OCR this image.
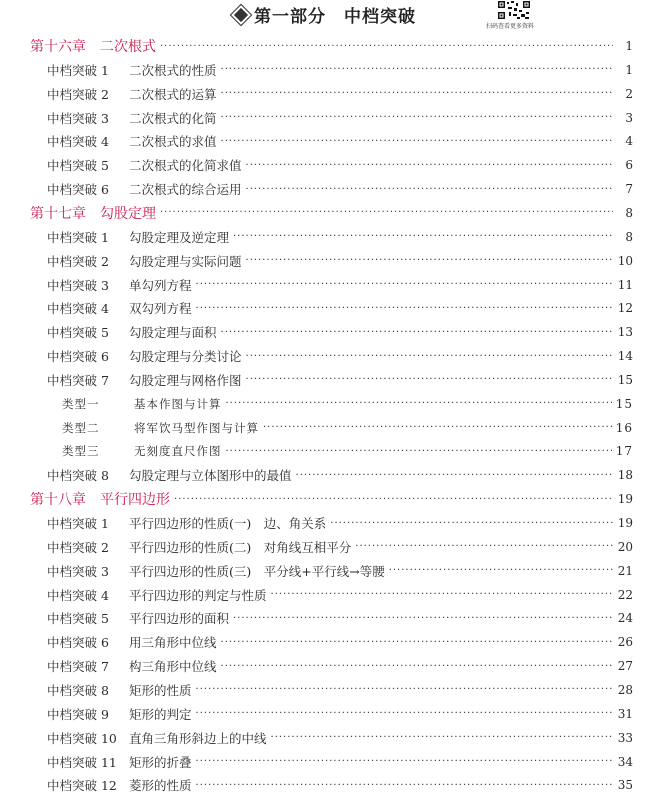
第一部分　中档突破	扫码查看更多资料
第十六章 二次根式 ·····	1
中档突破 1	二次根式的性质 ·····	1
中档突破 2	二次根式的运算 ·····	2
中档突破 3	二次根式的化简 ·····	3
中档突破 4	二次根式的求值 ·····	4
中档突破 5	二次根式的化简求值 ·····	6
中档突破 6	二次根式的综合运用 ·····	7
第十七章 勾股定理 ·····	8
中档突破 1	勾股定理及逆定理 ·····	8
中档突破 2	勾股定理与实际问题 ·····	10
中档突破 3	单勾列方程 ·····	11
中档突破 4	双勾列方程 ·····	12
中档突破 5	勾股定理与面积 ·····	13
中档突破 6	勾股定理与分类讨论 ·····	14
中档突破 7	勾股定理与网格作图 ·····	15
类型一	基本作图与计算 ·····	15
类型二	将军饮马型作图与计算 ·····	16
类型三	无刻度直尺作图 ·····	17
中档突破 8	勾股定理与立体图形中的最值 ·····	18
第十八章 平行四边形 ·····	19
中档突破 1	平行四边形的性质(一)　边、角关系 ·····	19
中档突破 2	平行四边形的性质(二)　对角线互相平分 ·····	20
中档突破 3	平行四边形的性质(三)　平分线+平行线→等腰 ·····	21
中档突破 4	平行四边形的判定与性质 ·····	22
中档突破 5	平行四边形的面积 ·····	24
中档突破 6	用三角形中位线 ·····	26
中档突破 7	构三角形中位线 ·····	27
中档突破 8	矩形的性质 ·····	28
中档突破 9	矩形的判定 ·····	31
中档突破 10 直角三角形斜边上的中线 ·····	33
中档突破 11 矩形的折叠 ·····	34
中档突破 12 菱形的性质 ·····	35
